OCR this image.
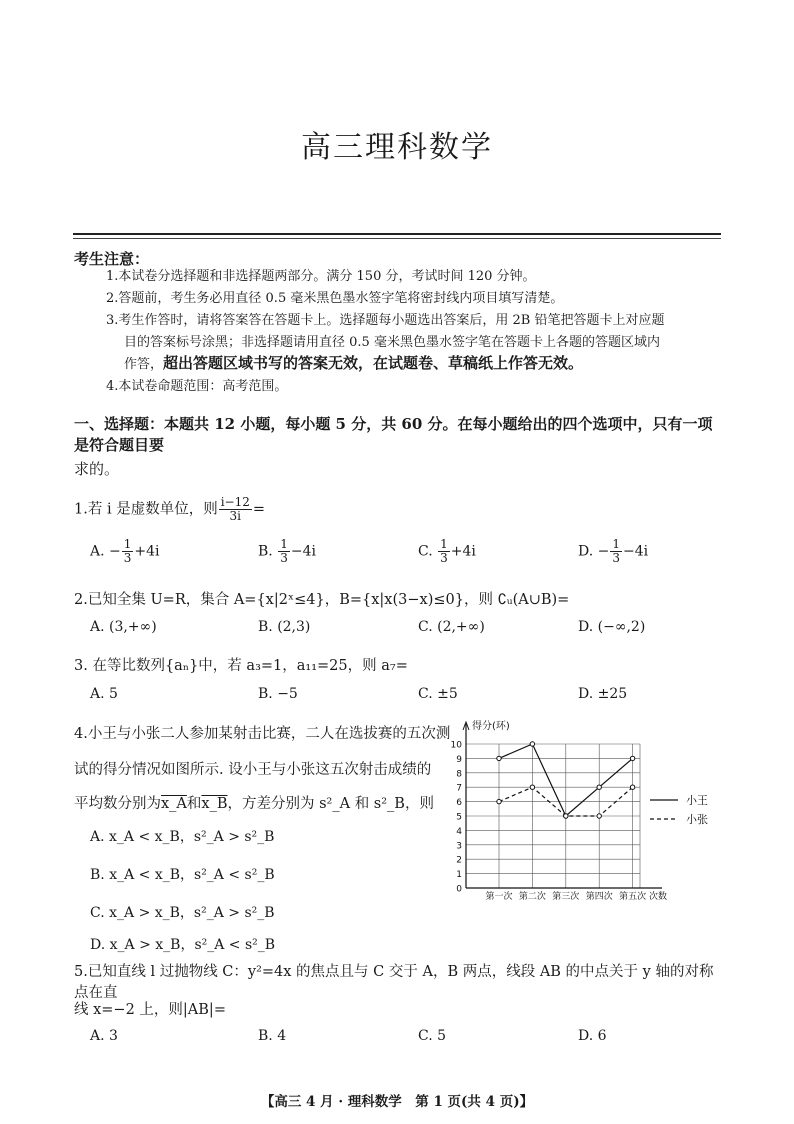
高三理科数学
考生注意：
1.本试卷分选择题和非选择题两部分。满分 150 分，考试时间 120 分钟。
2.答题前，考生务必用直径 0.5 毫米黑色墨水签字笔将密封线内项目填写清楚。
3.考生作答时，请将答案答在答题卡上。选择题每小题选出答案后，用 2B 铅笔把答题卡上对应题
目的答案标号涂黑；非选择题请用直径 0.5 毫米黑色墨水签字笔在答题卡上各题的答题区域内
作答，超出答题区域书写的答案无效，在试题卷、草稿纸上作答无效。
4.本试卷命题范围：高考范围。
一、选择题：本题共 12 小题，每小题 5 分，共 60 分。在每小题给出的四个选项中，只有一项是符合题目要
求的。
1.若 i 是虚数单位，则 $\frac{i-12}{3i}$ =
A. − $\frac{1}{3} +4i$	B. $\frac{1}{3} -4i$	C. $\frac{1}{3} +4i$	D. − $\frac{1}{3} -4i$
2.已知全集 U=R，集合 A={x|2ˣ≤4}，B={x|x(3−x)≤0}，则 ∁ᵤ(A∪B)=
A. (3,+∞)	B. (2,3)	C. (2,+∞)	D. (−∞,2)
3. 在等比数列{aₙ}中，若 a₃=1，a₁₁=25，则 a₇=
A. 5	B. −5	C. ±5	D. ±25
4.小王与小张二人参加某射击比赛，二人在选拔赛的五次测
试的得分情况如图所示. 设小王与小张这五次射击成绩的
平均数分别为x_A和x_B，方差分别为 s²_A 和 s²_B，则
A. x_A < x_B，s²_A > s²_B
B. x_A < x_B，s²_A < s²_B
C. x_A > x_B，s²_A > s²_B
D. x_A > x_B，s²_A < s²_B
0
1
2
3
4
5
6
7
8
9
10
得分(环)
第一次 第二次 第三次 第四次 第五次 次数
小王
小张
5.已知直线 l 过抛物线 C：y²=4x 的焦点且与 C 交于 A，B 两点，线段 AB 的中点关于 y 轴的对称点在直
线 x=−2 上，则|AB|=
A. 3	B. 4	C. 5	D. 6
【高三 4 月 · 理科数学　第 1 页(共 4 页)】
